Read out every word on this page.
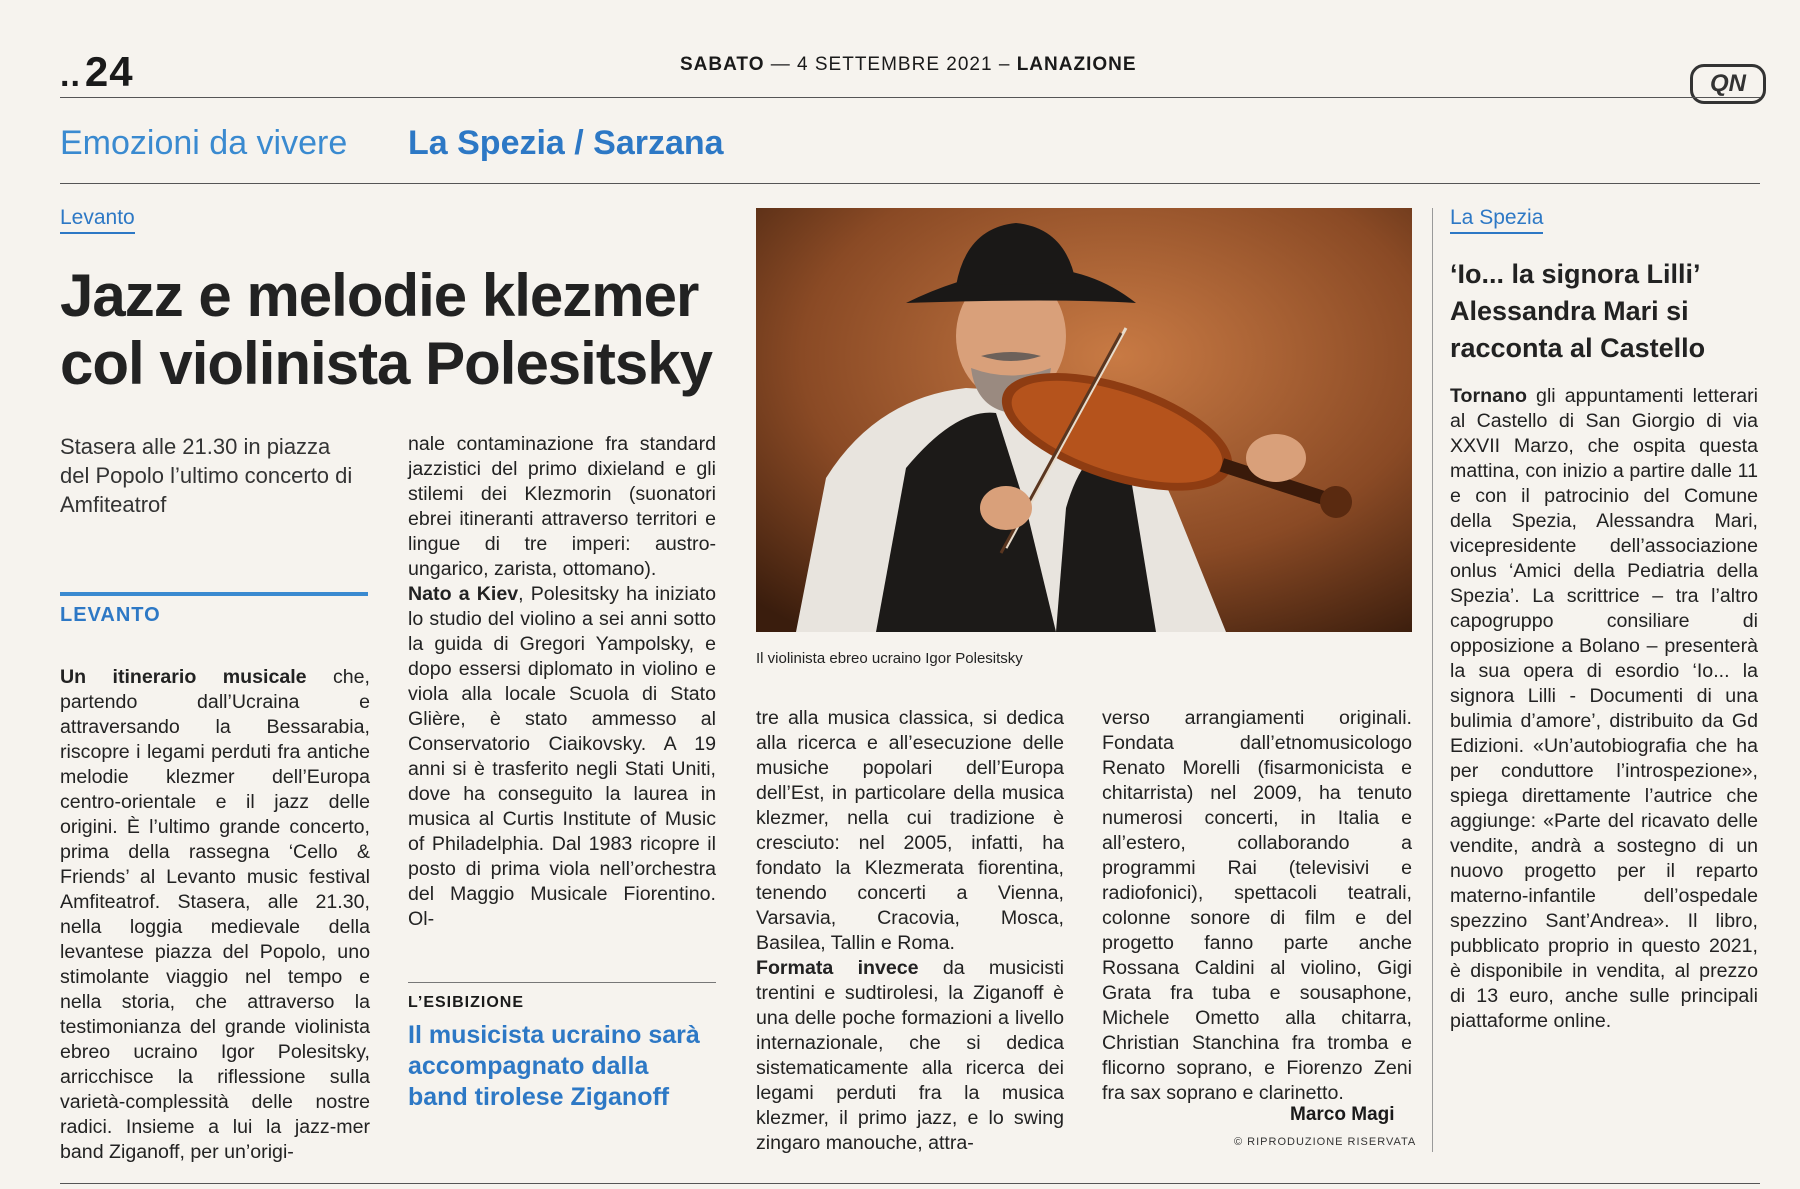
..24	SABATO — 4 SETTEMBRE 2021 – LANAZIONE
QN
Emozioni da vivere La Spezia / Sarzana
Levanto
Jazz e melodie klezmer col violinista Polesitsky
Stasera alle 21.30 in piazza del Popolo l’ultimo concerto di Amfiteatrof
LEVANTO
Un itinerario musicale che, partendo dall’Ucraina e attraversando la Bessarabia, riscopre i legami perduti fra antiche melodie klezmer dell’Europa centro-orientale e il jazz delle origini. È l’ultimo grande concerto, prima della rassegna ‘Cello & Friends’ al Levanto music festival Amfiteatrof. Stasera, alle 21.30, nella loggia medievale della levantese piazza del Popolo, uno stimolante viaggio nel tempo e nella storia, che attraverso la testimonianza del grande violinista ebreo ucraino Igor Polesitsky, arricchisce la riflessione sulla varietà-complessità delle nostre radici. Insieme a lui la jazz-mer band Ziganoff, per un’origi-
nale contaminazione fra standard jazzistici del primo dixieland e gli stilemi dei Klezmorin (suonatori ebrei itineranti attraverso territori e lingue di tre imperi: austro-ungarico, zarista, ottomano).
Nato a Kiev, Polesitsky ha iniziato lo studio del violino a sei anni sotto la guida di Gregori Yampolsky, e dopo essersi diplomato in violino e viola alla locale Scuola di Stato Glière, è stato ammesso al Conservatorio Ciaikovsky. A 19 anni si è trasferito negli Stati Uniti, dove ha conseguito la laurea in musica al Curtis Institute of Music of Philadelphia. Dal 1983 ricopre il posto di prima viola nell’orchestra del Maggio Musicale Fiorentino. Ol-
L’ESIBIZIONE
Il musicista ucraino sarà accompagnato dalla band tirolese Ziganoff
Il violinista ebreo ucraino Igor Polesitsky
tre alla musica classica, si dedica alla ricerca e all’esecuzione delle musiche popolari dell’Europa dell’Est, in particolare della musica klezmer, nella cui tradizione è cresciuto: nel 2005, infatti, ha fondato la Klezmerata fiorentina, tenendo concerti a Vienna, Varsavia, Cracovia, Mosca, Basilea, Tallin e Roma.
Formata invece da musicisti trentini e sudtirolesi, la Ziganoff è una delle poche formazioni a livello internazionale, che si dedica sistematicamente alla ricerca dei legami perduti fra la musica klezmer, il primo jazz, e lo swing zingaro manouche, attra-
verso arrangiamenti originali. Fondata dall’etnomusicologo Renato Morelli (fisarmonicista e chitarrista) nel 2009, ha tenuto numerosi concerti, in Italia e all’estero, collaborando a programmi Rai (televisivi e radiofonici), spettacoli teatrali, colonne sonore di film e del progetto fanno parte anche Rossana Caldini al violino, Gigi Grata fra tuba e sousaphone, Michele Ometto alla chitarra, Christian Stanchina fra tromba e flicorno soprano, e Fiorenzo Zeni fra sax soprano e clarinetto.
Marco Magi
© RIPRODUZIONE RISERVATA
La Spezia
‘Io... la signora Lilli’ Alessandra Mari si racconta al Castello
Tornano gli appuntamenti letterari al Castello di San Giorgio di via XXVII Marzo, che ospita questa mattina, con inizio a partire dalle 11 e con il patrocinio del Comune della Spezia, Alessandra Mari, vicepresidente dell’associazione onlus ‘Amici della Pediatria della Spezia’. La scrittrice – tra l’altro capogruppo consiliare di opposizione a Bolano – presenterà la sua opera di esordio ‘Io... la signora Lilli - Documenti di una bulimia d’amore’, distribuito da Gd Edizioni. «Un’autobiografia che ha per conduttore l’introspezione», spiega direttamente l’autrice che aggiunge: «Parte del ricavato delle vendite, andrà a sostegno di un nuovo progetto per il reparto materno-infantile dell’ospedale spezzino Sant’Andrea». Il libro, pubblicato proprio in questo 2021, è disponibile in vendita, al prezzo di 13 euro, anche sulle principali piattaforme online.
